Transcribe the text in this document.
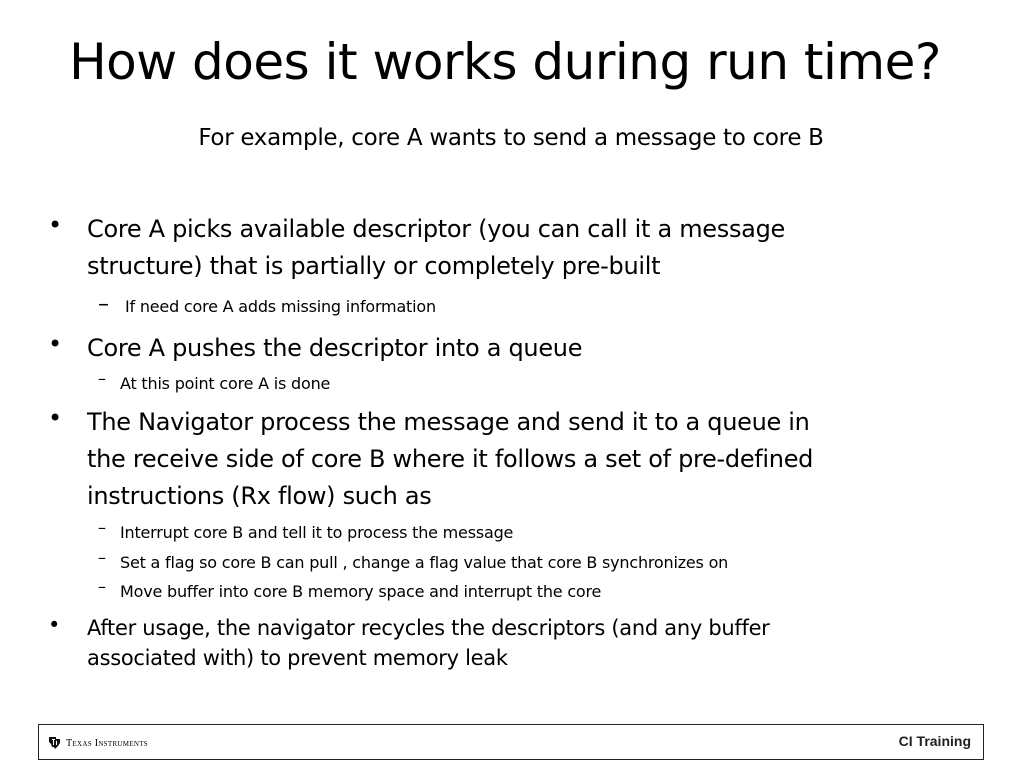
How does it works during run time?
For example, core A wants to send a message to core B
• Core A picks available descriptor (you can call it a message
structure) that is partially or completely pre-built
– If need core A adds missing information
• Core A pushes the descriptor into a queue
– At this point core A is done
• The Navigator process the message and send it to a queue in
the receive side of core B where it follows a set of pre-defined
instructions (Rx flow) such as
– Interrupt core B and tell it to process the message
– Set a flag so core B can pull , change a flag value that core B synchronizes on
– Move buffer into core B memory space and interrupt the core
• After usage, the navigator recycles the descriptors (and any buffer
associated with) to prevent memory leak
Texas Instruments	CI Training
